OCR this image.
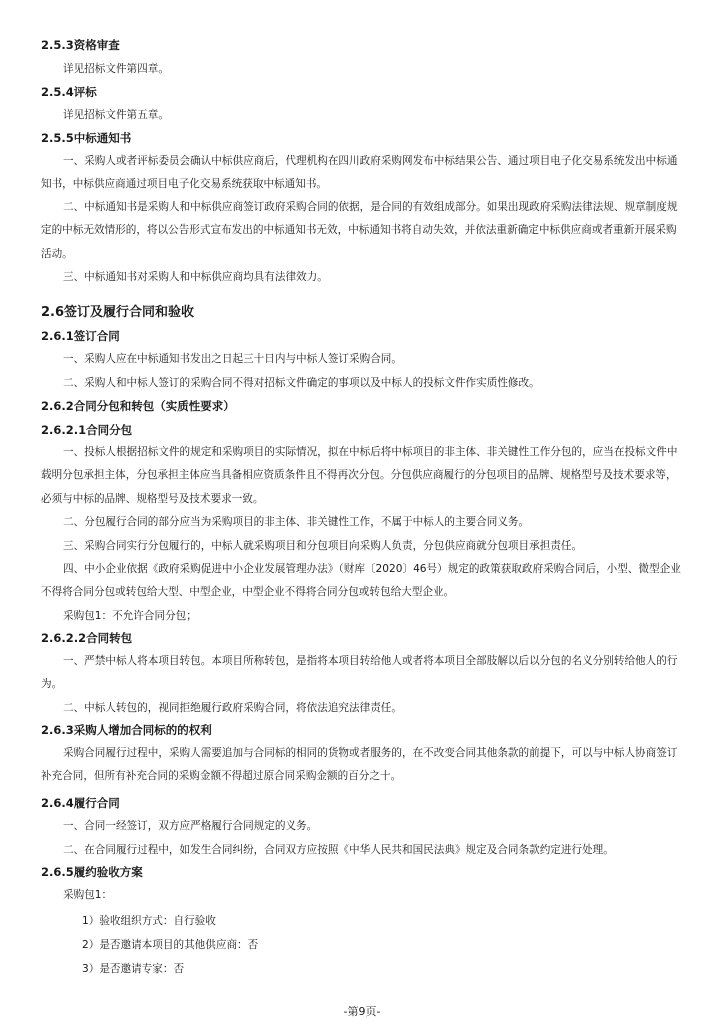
2.5.3资格审查
详见招标文件第四章。
2.5.4评标
详见招标文件第五章。
2.5.5中标通知书
一、采购人或者评标委员会确认中标供应商后，代理机构在四川政府采购网发布中标结果公告、通过项目电子化交易系统发出中标通知书，中标供应商通过项目电子化交易系统获取中标通知书。
二、中标通知书是采购人和中标供应商签订政府采购合同的依据，是合同的有效组成部分。如果出现政府采购法律法规、规章制度规定的中标无效情形的，将以公告形式宣布发出的中标通知书无效，中标通知书将自动失效，并依法重新确定中标供应商或者重新开展采购活动。
三、中标通知书对采购人和中标供应商均具有法律效力。
2.6签订及履行合同和验收
2.6.1签订合同
一、采购人应在中标通知书发出之日起三十日内与中标人签订采购合同。
二、采购人和中标人签订的采购合同不得对招标文件确定的事项以及中标人的投标文件作实质性修改。
2.6.2合同分包和转包（实质性要求）
2.6.2.1合同分包
一、投标人根据招标文件的规定和采购项目的实际情况，拟在中标后将中标项目的非主体、非关键性工作分包的，应当在投标文件中载明分包承担主体，分包承担主体应当具备相应资质条件且不得再次分包。分包供应商履行的分包项目的品牌、规格型号及技术要求等，必须与中标的品牌、规格型号及技术要求一致。
二、分包履行合同的部分应当为采购项目的非主体、非关键性工作，不属于中标人的主要合同义务。
三、采购合同实行分包履行的，中标人就采购项目和分包项目向采购人负责，分包供应商就分包项目承担责任。
四、中小企业依据《政府采购促进中小企业发展管理办法》（财库〔2020〕46号）规定的政策获取政府采购合同后，小型、微型企业不得将合同分包或转包给大型、中型企业，中型企业不得将合同分包或转包给大型企业。
采购包1：不允许合同分包；
2.6.2.2合同转包
一、严禁中标人将本项目转包。本项目所称转包，是指将本项目转给他人或者将本项目全部肢解以后以分包的名义分别转给他人的行为。
二、中标人转包的，视同拒绝履行政府采购合同，将依法追究法律责任。
2.6.3采购人增加合同标的的权利
采购合同履行过程中，采购人需要追加与合同标的相同的货物或者服务的，在不改变合同其他条款的前提下，可以与中标人协商签订补充合同，但所有补充合同的采购金额不得超过原合同采购金额的百分之十。
2.6.4履行合同
一、合同一经签订，双方应严格履行合同规定的义务。
二、在合同履行过程中，如发生合同纠纷，合同双方应按照《中华人民共和国民法典》规定及合同条款约定进行处理。
2.6.5履约验收方案
采购包1：
1）验收组织方式：自行验收
2）是否邀请本项目的其他供应商：否
3）是否邀请专家：否
-第9页-
